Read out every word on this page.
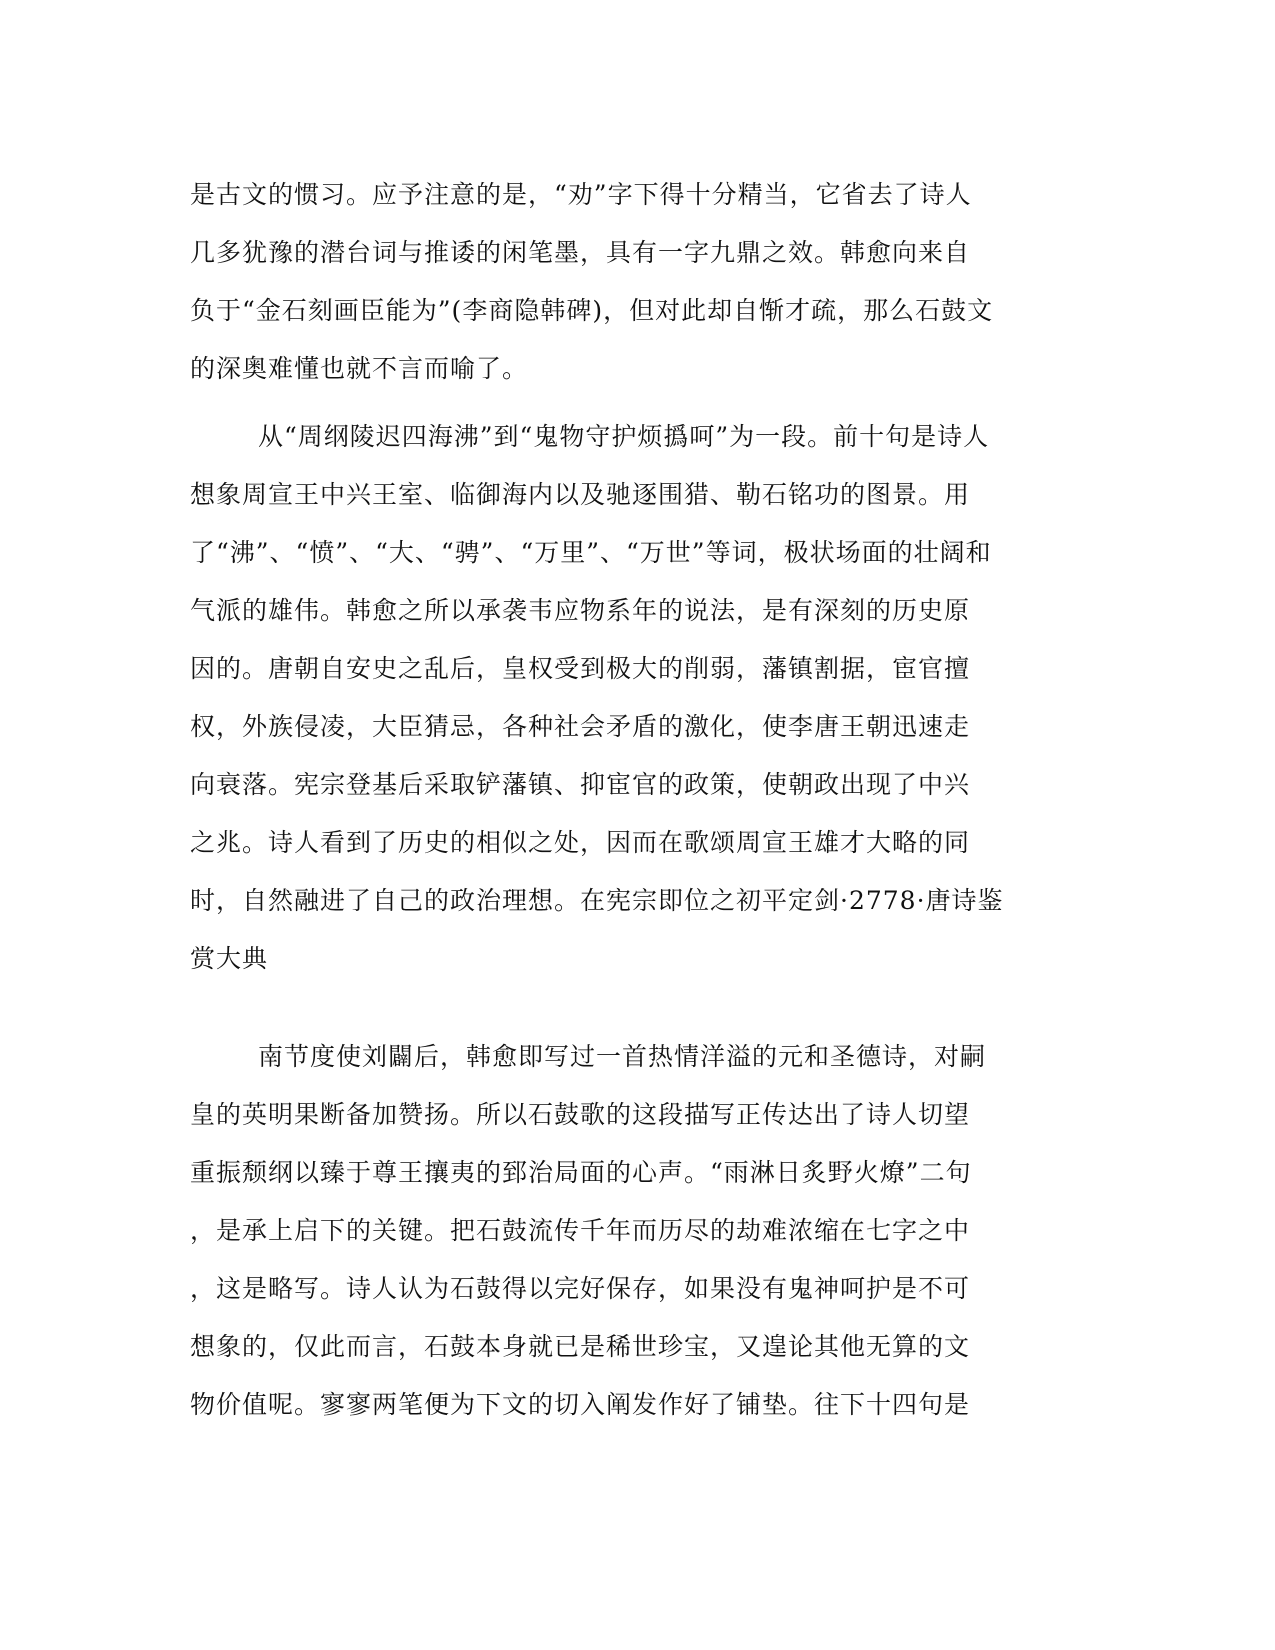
是古文的惯习。应予注意的是，“劝”字下得十分精当，它省去了诗人
几多犹豫的潜台词与推诿的闲笔墨，具有一字九鼎之效。韩愈向来自
负于“金石刻画臣能为”(李商隐韩碑)，但对此却自惭才疏，那么石鼓文
的深奥难懂也就不言而喻了。
从“周纲陵迟四海沸”到“鬼物守护烦撝呵”为一段。前十句是诗人
想象周宣王中兴王室、临御海内以及驰逐围猎、勒石铭功的图景。用
了“沸”、“愤”、“大、“骋”、“万里”、“万世”等词，极状场面的壮阔和
气派的雄伟。韩愈之所以承袭韦应物系年的说法，是有深刻的历史原
因的。唐朝自安史之乱后，皇权受到极大的削弱，藩镇割据，宦官擅
权，外族侵凌，大臣猜忌，各种社会矛盾的激化，使李唐王朝迅速走
向衰落。宪宗登基后采取铲藩镇、抑宦官的政策，使朝政出现了中兴
之兆。诗人看到了历史的相似之处，因而在歌颂周宣王雄才大略的同
时，自然融进了自己的政治理想。在宪宗即位之初平定剑·2778·唐诗鉴
赏大典
南节度使刘闢后，韩愈即写过一首热情洋溢的元和圣德诗，对嗣
皇的英明果断备加赞扬。所以石鼓歌的这段描写正传达出了诗人切望
重振颓纲以臻于尊王攘夷的郅治局面的心声。“雨淋日炙野火燎”二句
，是承上启下的关键。把石鼓流传千年而历尽的劫难浓缩在七字之中
，这是略写。诗人认为石鼓得以完好保存，如果没有鬼神呵护是不可
想象的，仅此而言，石鼓本身就已是稀世珍宝，又遑论其他无算的文
物价值呢。寥寥两笔便为下文的切入阐发作好了铺垫。往下十四句是
